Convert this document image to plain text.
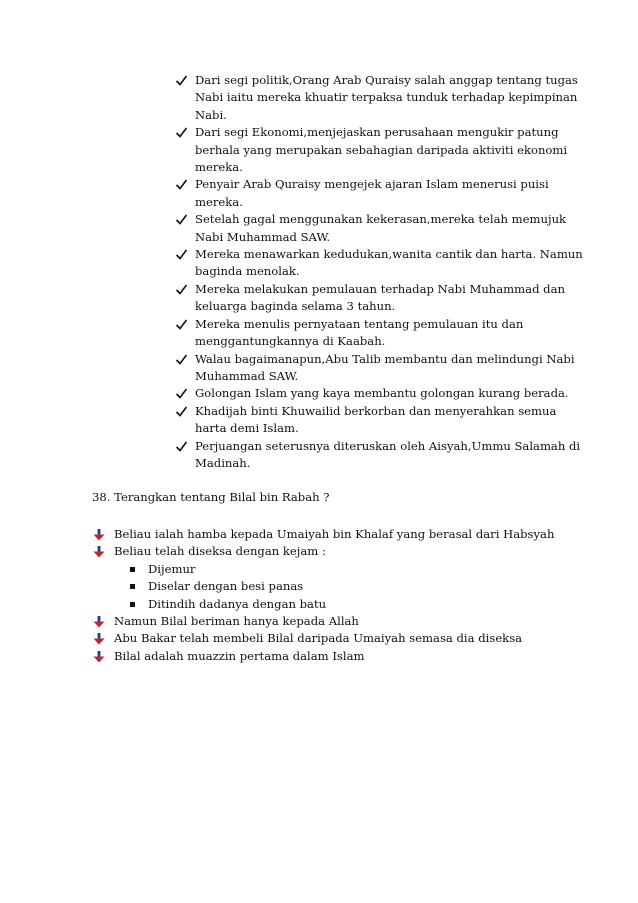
Dari segi politik,Orang Arab Quraisy salah anggap tentang tugas
Nabi iaitu mereka khuatir terpaksa tunduk terhadap kepimpinan
Nabi.
Dari segi Ekonomi,menjejaskan perusahaan mengukir patung
berhala yang merupakan sebahagian daripada aktiviti ekonomi
mereka.
Penyair Arab Quraisy mengejek ajaran Islam menerusi puisi
mereka.
Setelah gagal menggunakan kekerasan,mereka telah memujuk
Nabi Muhammad SAW.
Mereka menawarkan kedudukan,wanita cantik dan harta. Namun
baginda menolak.
Mereka melakukan pemulauan terhadap Nabi Muhammad dan
keluarga baginda selama 3 tahun.
Mereka menulis pernyataan tentang pemulauan itu dan
menggantungkannya di Kaabah.
Walau bagaimanapun,Abu Talib membantu dan melindungi Nabi
Muhammad SAW.
Golongan Islam yang kaya membantu golongan kurang berada.
Khadijah binti Khuwailid berkorban dan menyerahkan semua
harta demi Islam.
Perjuangan seterusnya diteruskan oleh Aisyah,Ummu Salamah di
Madinah.

38. Terangkan tentang Bilal bin Rabah ?

Beliau ialah hamba kepada Umaiyah bin Khalaf yang berasal dari Habsyah
Beliau telah diseksa dengan kejam :
Dijemur
Diselar dengan besi panas
Ditindih dadanya dengan batu
Namun Bilal beriman hanya kepada Allah
Abu Bakar telah membeli Bilal daripada Umaiyah semasa dia diseksa
Bilal adalah muazzin pertama dalam Islam
